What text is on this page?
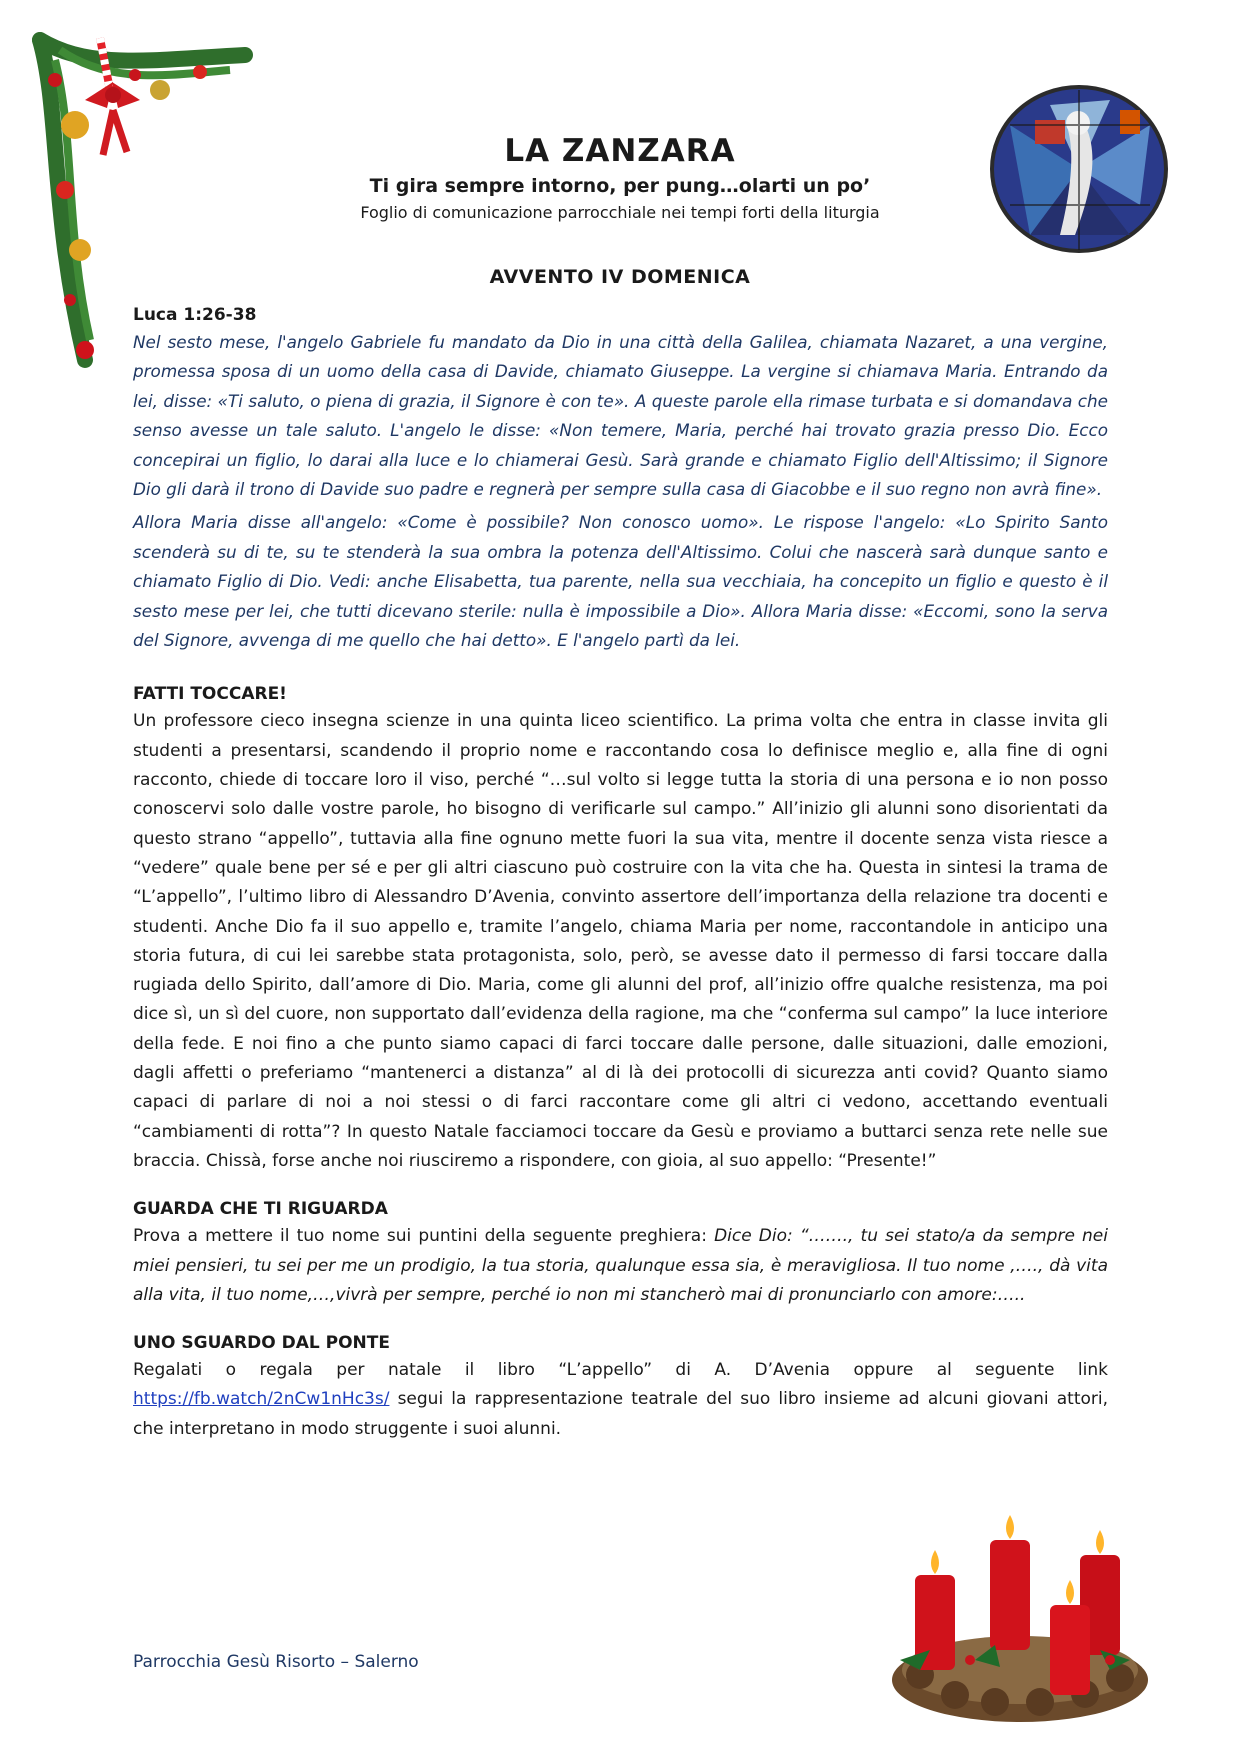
LA ZANZARA
Ti gira sempre intorno, per pung…olarti un po’
Foglio di comunicazione parrocchiale nei tempi forti della liturgia
AVVENTO IV DOMENICA
Luca 1:26-38

Nel sesto mese, l'angelo Gabriele fu mandato da Dio in una città della Galilea, chiamata Nazaret, a una vergine, promessa sposa di un uomo della casa di Davide, chiamato Giuseppe. La vergine si chiamava Maria. Entrando da lei, disse: «Ti saluto, o piena di grazia, il Signore è con te». A queste parole ella rimase turbata e si domandava che senso avesse un tale saluto. L'angelo le disse: «Non temere, Maria, perché hai trovato grazia presso Dio. Ecco concepirai un figlio, lo darai alla luce e lo chiamerai Gesù. Sarà grande e chiamato Figlio dell'Altissimo; il Signore Dio gli darà il trono di Davide suo padre e regnerà per sempre sulla casa di Giacobbe e il suo regno non avrà fine».

Allora Maria disse all'angelo: «Come è possibile? Non conosco uomo». Le rispose l'angelo: «Lo Spirito Santo scenderà su di te, su te stenderà la sua ombra la potenza dell'Altissimo. Colui che nascerà sarà dunque santo e chiamato Figlio di Dio. Vedi: anche Elisabetta, tua parente, nella sua vecchiaia, ha concepito un figlio e questo è il sesto mese per lei, che tutti dicevano sterile: nulla è impossibile a Dio». Allora Maria disse: «Eccomi, sono la serva del Signore, avvenga di me quello che hai detto». E l'angelo partì da lei.

FATTI TOCCARE!

Un professore cieco insegna scienze in una quinta liceo scientifico. La prima volta che entra in classe invita gli studenti a presentarsi, scandendo il proprio nome e raccontando cosa lo definisce meglio e, alla fine di ogni racconto, chiede di toccare loro il viso, perché “…sul volto si legge tutta la storia di una persona e io non posso conoscervi solo dalle vostre parole, ho bisogno di verificarle sul campo.” All’inizio gli alunni sono disorientati da questo strano “appello”, tuttavia alla fine ognuno mette fuori la sua vita, mentre il docente senza vista riesce a “vedere” quale bene per sé e per gli altri ciascuno può costruire con la vita che ha. Questa in sintesi la trama de “L’appello”, l’ultimo libro di Alessandro D’Avenia, convinto assertore dell’importanza della relazione tra docenti e studenti. Anche Dio fa il suo appello e, tramite l’angelo, chiama Maria per nome, raccontandole in anticipo una storia futura, di cui lei sarebbe stata protagonista, solo, però, se avesse dato il permesso di farsi toccare dalla rugiada dello Spirito, dall’amore di Dio. Maria, come gli alunni del prof, all’inizio offre qualche resistenza, ma poi dice sì, un sì del cuore, non supportato dall’evidenza della ragione, ma che “conferma sul campo” la luce interiore della fede. E noi fino a che punto siamo capaci di farci toccare dalle persone, dalle situazioni, dalle emozioni, dagli affetti o preferiamo “mantenerci a distanza” al di là dei protocolli di sicurezza anti covid? Quanto siamo capaci di parlare di noi a noi stessi o di farci raccontare come gli altri ci vedono, accettando eventuali “cambiamenti di rotta”? In questo Natale facciamoci toccare da Gesù e proviamo a buttarci senza rete nelle sue braccia. Chissà, forse anche noi riusciremo a rispondere, con gioia, al suo appello: “Presente!”

GUARDA CHE TI RIGUARDA

Prova a mettere il tuo nome sui puntini della seguente preghiera: Dice Dio: “……., tu sei stato/a da sempre nei miei pensieri, tu sei per me un prodigio, la tua storia, qualunque essa sia, è meravigliosa. Il tuo nome ,…., dà vita alla vita, il tuo nome,…,vivrà per sempre, perché io non mi stancherò mai di pronunciarlo con amore:…..

UNO SGUARDO DAL PONTE

Regalati o regala per natale il libro “L’appello” di A. D’Avenia oppure al seguente link https://fb.watch/2nCw1nHc3s/ segui la rappresentazione teatrale del suo libro insieme ad alcuni giovani attori, che interpretano in modo struggente i suoi alunni.

Parrocchia Gesù Risorto – Salerno
